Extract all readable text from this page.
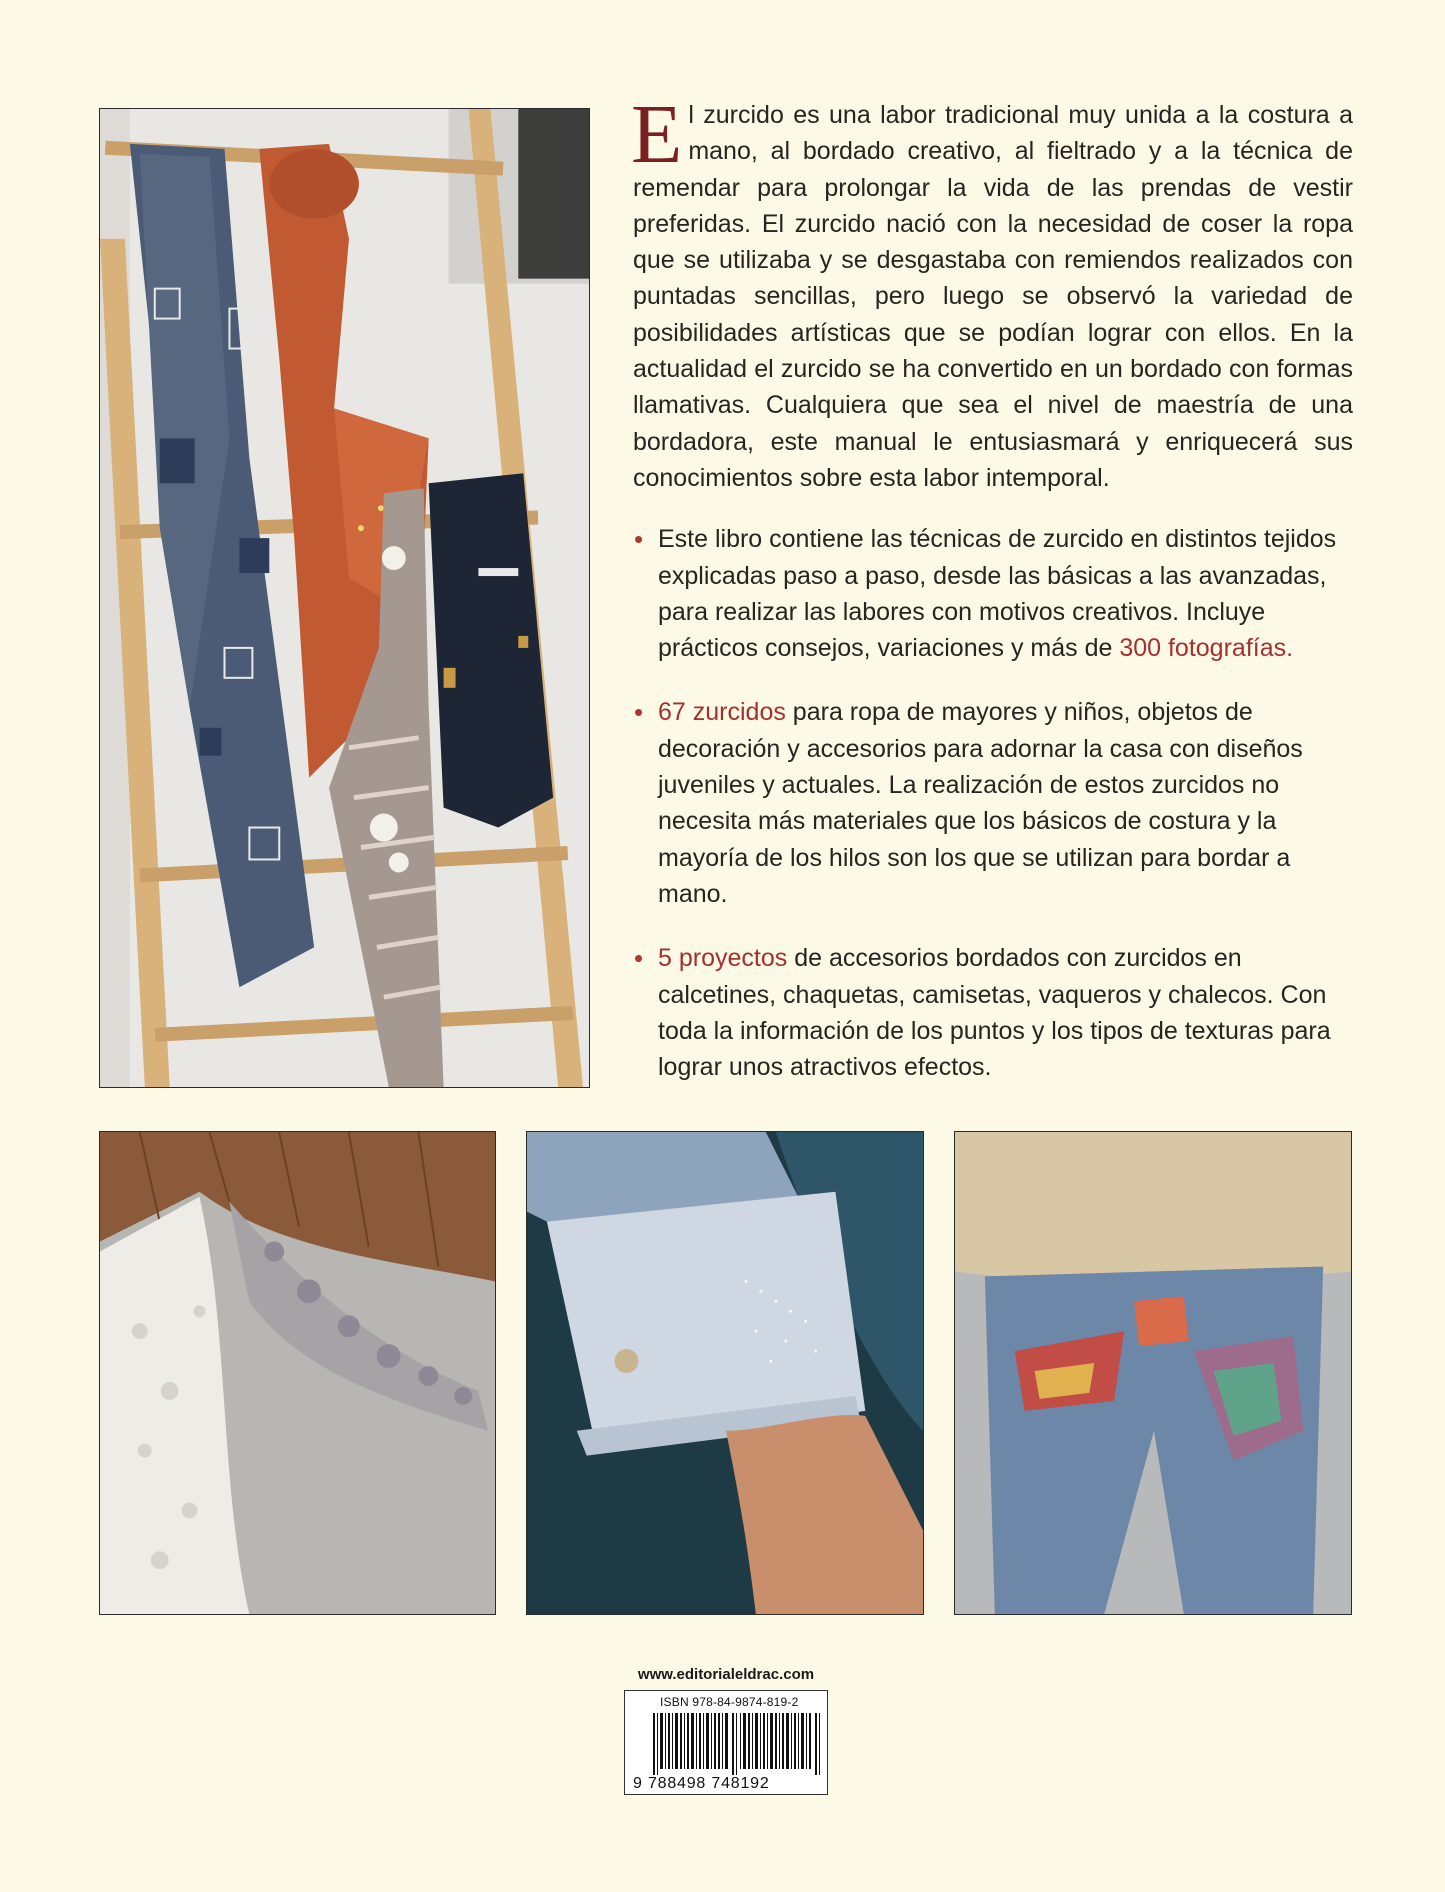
El zurcido es una labor tradicional muy unida a la costura a mano, al bordado creativo, al fieltrado y a la técnica de remendar para prolongar la vida de las prendas de vestir preferidas. El zurcido nació con la necesidad de coser la ropa que se utilizaba y se desgastaba con remiendos realizados con puntadas sencillas, pero luego se observó la variedad de posibilidades artísticas que se podían lograr con ellos. En la actualidad el zurcido se ha convertido en un bordado con formas llamativas. Cualquiera que sea el nivel de maestría de una bordadora, este manual le entusiasmará y enriquecerá sus conocimientos sobre esta labor intemporal.

• Este libro contiene las técnicas de zurcido en distintos tejidos explicadas paso a paso, desde las básicas a las avanzadas, para realizar las labores con motivos creativos. Incluye prácticos consejos, variaciones y más de 300 fotografías.
• 67 zurcidos para ropa de mayores y niños, objetos de decoración y accesorios para adornar la casa con diseños juveniles y actuales. La realización de estos zurcidos no necesita más materiales que los básicos de costura y la mayoría de los hilos son los que se utilizan para bordar a mano.
• 5 proyectos de accesorios bordados con zurcidos en calcetines, chaquetas, camisetas, vaqueros y chalecos. Con toda la información de los puntos y los tipos de texturas para lograr unos atractivos efectos.
www.editorialeldrac.com
ISBN 978-84-9874-819-2
9 788498 748192
